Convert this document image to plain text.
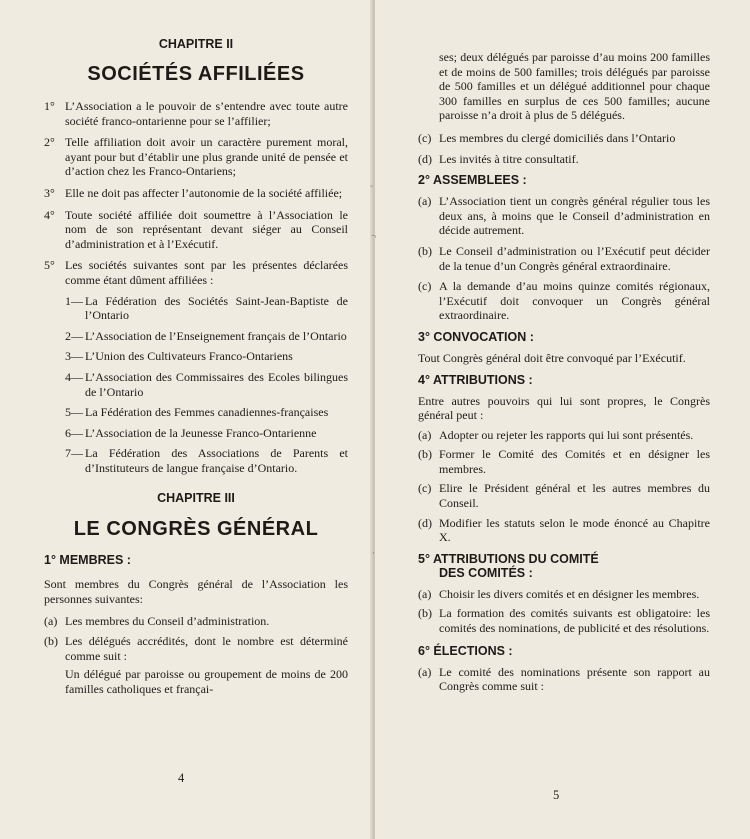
CHAPITRE II

SOCIÉTÉS AFFILIÉES

1° L’Association a le pouvoir de s’entendre avec toute autre société franco-ontarienne pour se l’affilier;
2° Telle affiliation doit avoir un caractère purement moral, ayant pour but d’établir une plus grande unité de pensée et d’action chez les Franco-Ontariens;
3° Elle ne doit pas affecter l’autonomie de la société affiliée;
4° Toute société affiliée doit soumettre à l’Association le nom de son représentant devant siéger au Conseil d’administration et à l’Exécutif.
5° Les sociétés suivantes sont par les présentes déclarées comme étant dûment affiliées :
1— La Fédération des Sociétés Saint-Jean-Baptiste de l’Ontario
2— L’Association de l’Enseignement français de l’Ontario
3— L’Union des Cultivateurs Franco-Ontariens
4— L’Association des Commissaires des Ecoles bilingues de l’Ontario
5— La Fédération des Femmes canadiennes-françaises
6— L’Association de la Jeunesse Franco-Ontarienne
7— La Fédération des Associations de Parents et d’Instituteurs de langue française d’Ontario.

CHAPITRE III

LE CONGRÈS GÉNÉRAL

1° MEMBRES :

Sont membres du Congrès général de l’Association les personnes suivantes:

(a) Les membres du Conseil d’administration.
(b) Les délégués accrédités, dont le nombre est déterminé comme suit :

Un délégué par paroisse ou groupement de moins de 200 familles catholiques et françai-

4

ses; deux délégués par paroisse d’au moins 200 familles et de moins de 500 familles; trois délégués par paroisse de 500 familles et un délégué additionnel pour chaque 300 familles en surplus de ces 500 familles; aucune paroisse n’a droit à plus de 5 délégués.

(c) Les membres du clergé domiciliés dans l’Ontario
(d) Les invités à titre consultatif.

2° ASSEMBLEES :

(a) L’Association tient un congrès général régulier tous les deux ans, à moins que le Conseil d’administration en décide autrement.
(b) Le Conseil d’administration ou l’Exécutif peut décider de la tenue d’un Congrès général extraordinaire.
(c) A la demande d’au moins quinze comités régionaux, l’Exécutif doit convoquer un Congrès général extraordinaire.

3° CONVOCATION :

Tout Congrès général doit être convoqué par l’Exécutif.

4° ATTRIBUTIONS :

Entre autres pouvoirs qui lui sont propres, le Congrès général peut :

(a) Adopter ou rejeter les rapports qui lui sont présentés.
(b) Former le Comité des Comités et en désigner les membres.
(c) Elire le Président général et les autres membres du Conseil.
(d) Modifier les statuts selon le mode énoncé au Chapitre X.

5° ATTRIBUTIONS DU COMITÉ

DES COMITÉS :

(a) Choisir les divers comités et en désigner les membres.
(b) La formation des comités suivants est obligatoire: les comités des nominations, de publicité et des résolutions.

6° ÉLECTIONS :

(a) Le comité des nominations présente son rapport au Congrès comme suit :
5
˘
¬
·
